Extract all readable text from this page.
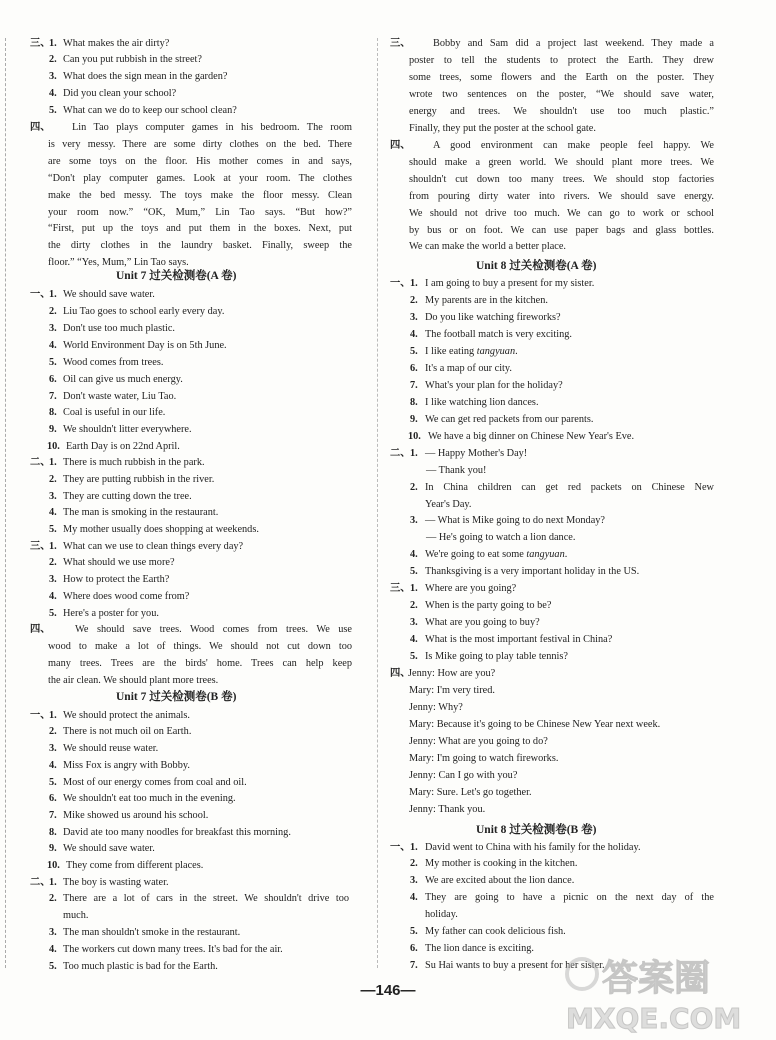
三、
1. What makes the air dirty?
2. Can you put rubbish in the street?
3. What does the sign mean in the garden?
4. Did you clean your school?
5. What can we do to keep our school clean?
四、 Lin Tao plays computer games in his bedroom. The room
is very messy. There are some dirty clothes on the bed. There
are some toys on the floor. His mother comes in and says,
“Don't play computer games. Look at your room. The clothes
make the bed messy. The toys make the floor messy. Clean
your room now.” “OK, Mum,” Lin Tao says. “But how?”
“First, put up the toys and put them in the boxes. Next, put
the dirty clothes in the laundry basket. Finally, sweep the
floor.” “Yes, Mum,” Lin Tao says.
Unit 7 过关检测卷(A 卷)
一、
1. We should save water.
2. Liu Tao goes to school early every day.
3. Don't use too much plastic.
4. World Environment Day is on 5th June.
5. Wood comes from trees.
6. Oil can give us much energy.
7. Don't waste water, Liu Tao.
8. Coal is useful in our life.
9. We shouldn't litter everywhere.
10. Earth Day is on 22nd April.
二、
1. There is much rubbish in the park.
2. They are putting rubbish in the river.
3. They are cutting down the tree.
4. The man is smoking in the restaurant.
5. My mother usually does shopping at weekends.
三、
1. What can we use to clean things every day?
2. What should we use more?
3. How to protect the Earth?
4. Where does wood come from?
5. Here's a poster for you.
四、 We should save trees. Wood comes from trees. We use
wood to make a lot of things. We should not cut down too
many trees. Trees are the birds' home. Trees can help keep
the air clean. We should plant more trees.
Unit 7 过关检测卷(B 卷)
一、
1. We should protect the animals.
2. There is not much oil on Earth.
3. We should reuse water.
4. Miss Fox is angry with Bobby.
5. Most of our energy comes from coal and oil.
6. We shouldn't eat too much in the evening.
7. Mike showed us around his school.
8. David ate too many noodles for breakfast this morning.
9. We should save water.
10. They come from different places.
二、
1. The boy is wasting water.
2. There are a lot of cars in the street. We shouldn't drive too
much.
3. The man shouldn't smoke in the restaurant.
4. The workers cut down many trees. It's bad for the air.
5. Too much plastic is bad for the Earth.
三、 Bobby and Sam did a project last weekend. They made a
poster to tell the students to protect the Earth. They drew
some trees, some flowers and the Earth on the poster. They
wrote two sentences on the poster, “We should save water,
energy and trees. We shouldn't use too much plastic.”
Finally, they put the poster at the school gate.
四、 A good environment can make people feel happy. We
should make a green world. We should plant more trees. We
shouldn't cut down too many trees. We should stop factories
from pouring dirty water into rivers. We should save energy.
We should not drive too much. We can go to work or school
by bus or on foot. We can use paper bags and glass bottles.
We can make the world a better place.
Unit 8 过关检测卷(A 卷)
一、 1. I am going to buy a present for my sister.
2. My parents are in the kitchen.
3. Do you like watching fireworks?
4. The football match is very exciting.
5. I like eating tangyuan.
6. It's a map of our city.
7. What's your plan for the holiday?
8. I like watching lion dances.
9. We can get red packets from our parents.
10. We have a big dinner on Chinese New Year's Eve.
二、 1. — Happy Mother's Day!
— Thank you!
2. In China children can get red packets on Chinese New
Year's Day.
3. — What is Mike going to do next Monday?
— He's going to watch a lion dance.
4. We're going to eat some tangyuan.
5. Thanksgiving is a very important holiday in the US.
三、 1. Where are you going?
2. When is the party going to be?
3. What are you going to buy?
4. What is the most important festival in China?
5. Is Mike going to play table tennis?
四、
Jenny: How are you?
Mary: I'm very tired.
Jenny: Why?
Mary: Because it's going to be Chinese New Year next week.
Jenny: What are you going to do?
Mary: I'm going to watch fireworks.
Jenny: Can I go with you?
Mary: Sure. Let's go together.
Jenny: Thank you.
Unit 8 过关检测卷(B 卷)
一、 1. David went to China with his family for the holiday.
2. My mother is cooking in the kitchen.
3. We are excited about the lion dance.
4. They are going to have a picnic on the next day of the
holiday.
5. My father can cook delicious fish.
6. The lion dance is exciting.
7. Su Hai wants to buy a present for her sister.
—146—	答案圈
MXQE.COM
